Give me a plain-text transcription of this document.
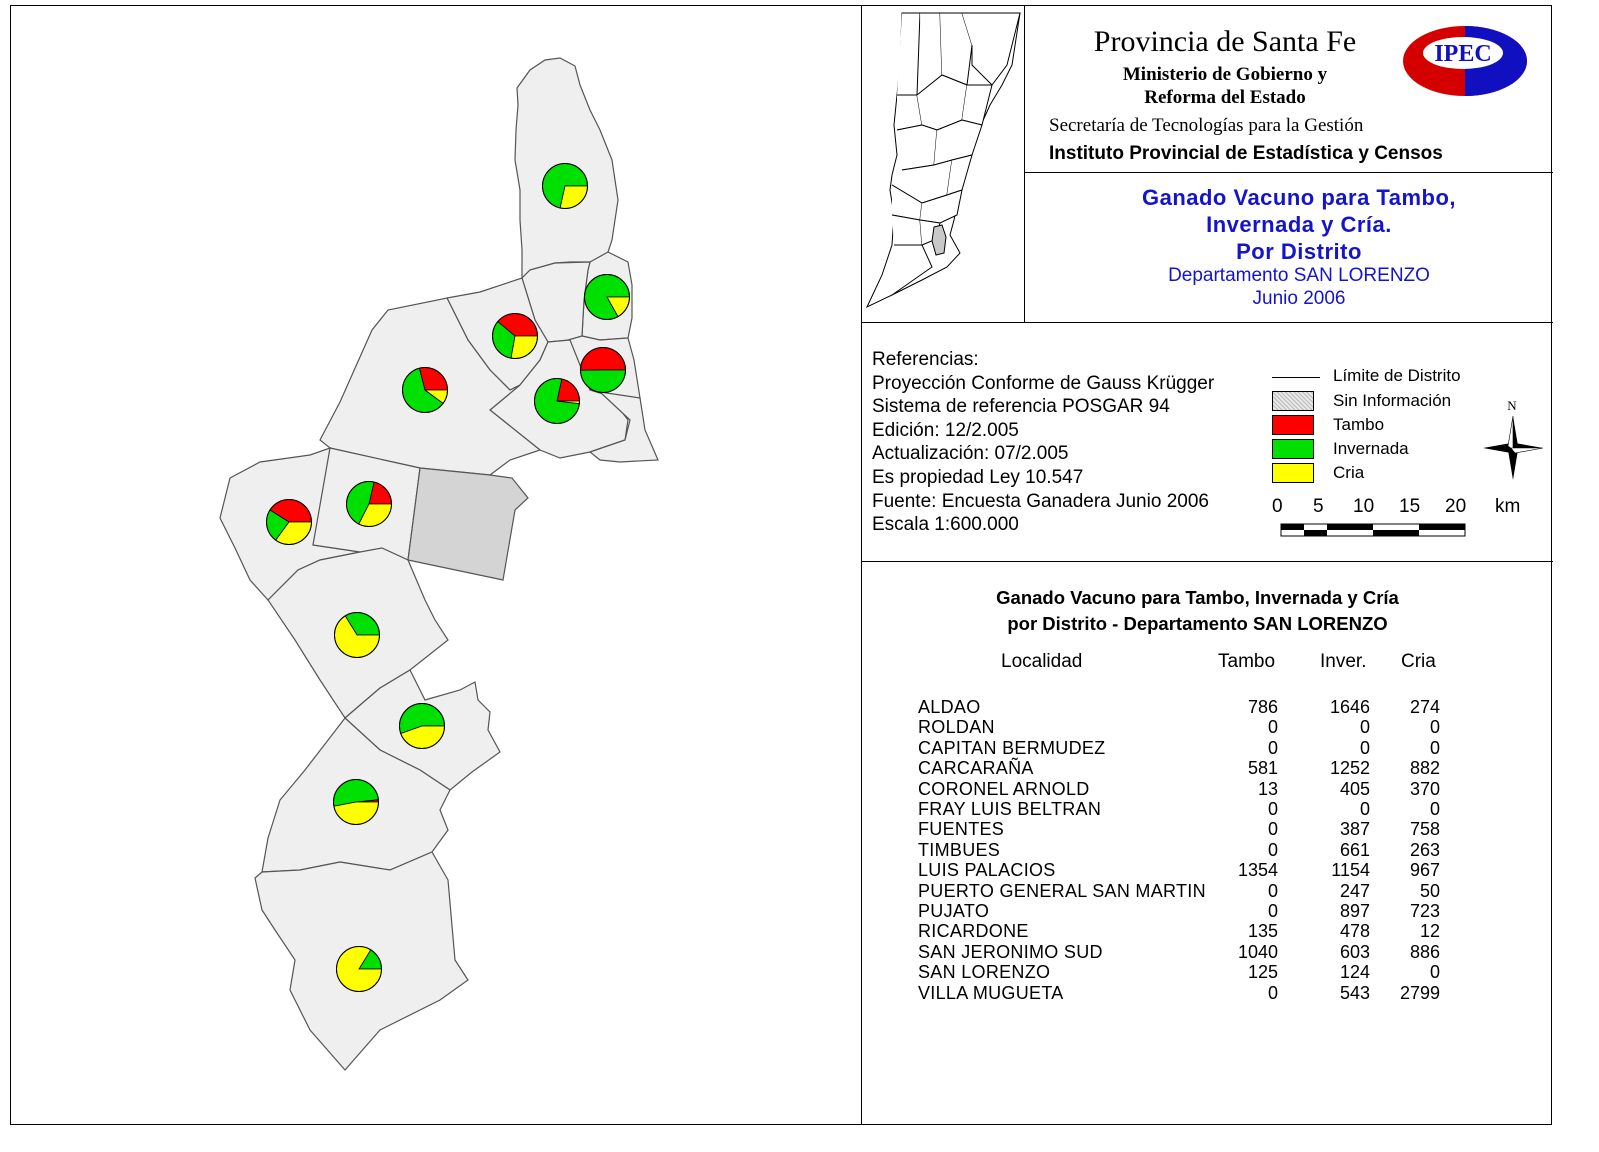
Provincia de Santa Fe
Ministerio de Gobierno y
Reforma del Estado
Secretaría de Tecnologías para la Gestión
Instituto Provincial de Estadística y Censos
IPEC
Ganado Vacuno para Tambo,
Invernada y Cría.
Por Distrito
Departamento SAN LORENZO
Junio 2006
Referencias:
Proyección Conforme de Gauss Krügger
Sistema de referencia POSGAR 94
Edición: 12/2.005
Actualización: 07/2.005
Es propiedad Ley 10.547
Fuente: Encuesta Ganadera Junio 2006
Escala 1:600.000
Límite de Distrito
Sin Información
Tambo
Invernada
Cria
N
0 5 10 15 20 km
Ganado Vacuno para Tambo, Invernada y Cría
por Distrito - Departamento SAN LORENZO
Localidad	Tambo Inver. Cria
ALDAO	786	1646	274
ROLDAN	0	0	0
CAPITAN BERMUDEZ	0	0	0
CARCARAÑA	581	1252	882
CORONEL ARNOLD	13	405	370
FRAY LUIS BELTRAN	0	0	0
FUENTES	0	387	758
TIMBUES	0	661	263
LUIS PALACIOS	1354	1154	967
PUERTO GENERAL SAN MARTIN	0	247	50
PUJATO	0	897	723
RICARDONE	135	478	12
SAN JERONIMO SUD	1040	603	886
SAN LORENZO	125	124	0
VILLA MUGUETA	0	543	2799
